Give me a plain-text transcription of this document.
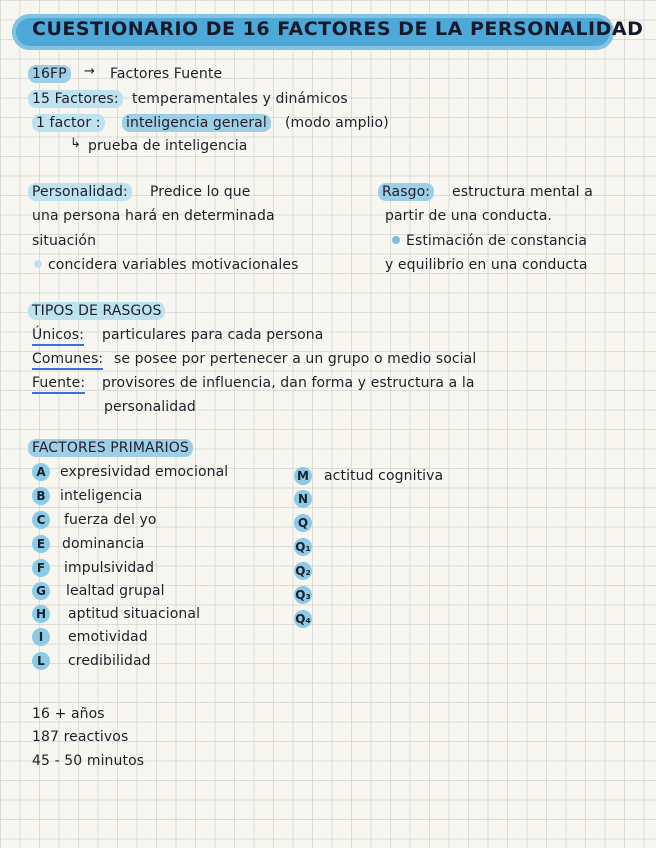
CUESTIONARIO DE 16 FACTORES DE LA PERSONALIDAD
16FP	→ Factores Fuente
15 Factores: temperamentales y dinámicos
1 factor : inteligencia general (modo amplio)
↳ prueba de inteligencia
Personalidad: Predice lo que
una persona hará en determinada
situación
concidera variables motivacionales
Rasgo: estructura mental a
partir de una conducta.
Estimación de constancia
y equilibrio en una conducta
TIPOS DE RASGOS
Únicos: particulares para cada persona
Comunes: se posee por pertenecer a un grupo o medio social
Fuente: provisores de influencia, dan forma y estructura a la
personalidad
FACTORES PRIMARIOS
A	expresividad emocional
B	inteligencia
C	fuerza del yo
E	dominancia
F	impulsividad
G lealtad grupal
H aptitud situacional
I	emotividad
L	credibilidad
M actitud cognitiva
N
Q
Q₁
Q₂
Q₃
Q₄
16 + años
187 reactivos
45 - 50 minutos
